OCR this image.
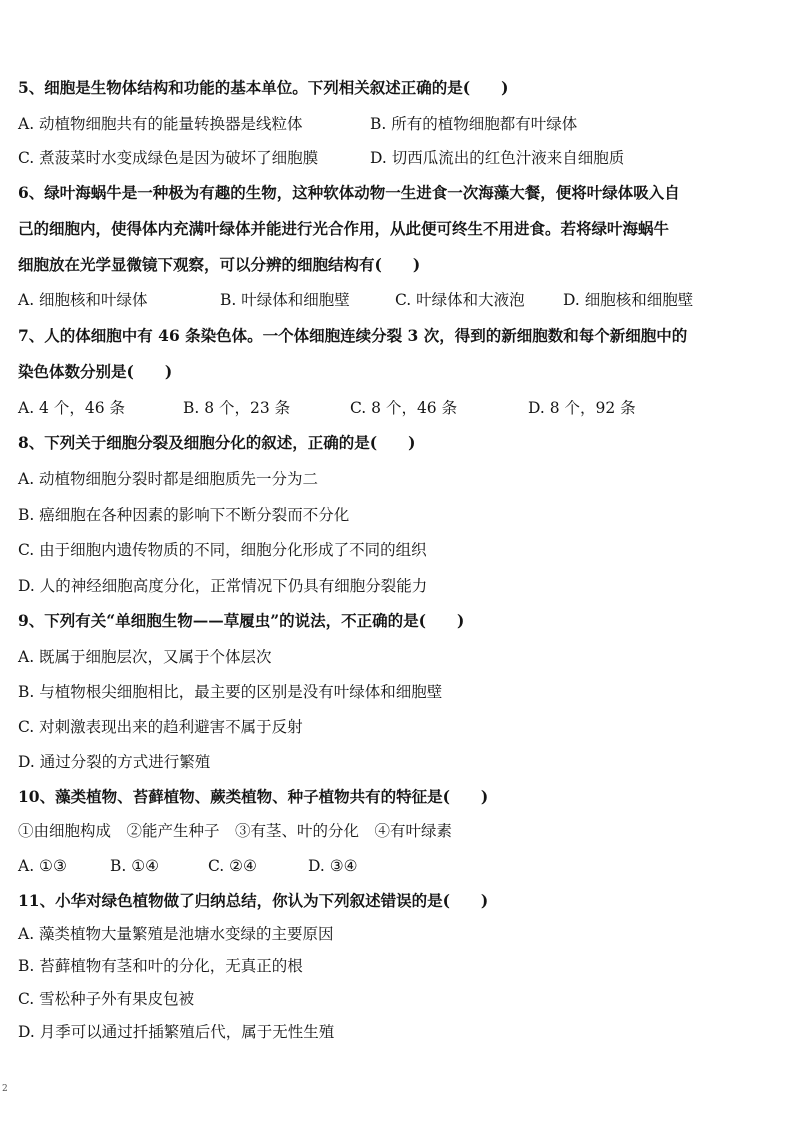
5、细胞是生物体结构和功能的基本单位。下列相关叙述正确的是(　　)
A. 动植物细胞共有的能量转换器是线粒体	B. 所有的植物细胞都有叶绿体
C. 煮菠菜时水变成绿色是因为破坏了细胞膜	D. 切西瓜流出的红色汁液来自细胞质
6、绿叶海蜗牛是一种极为有趣的生物，这种软体动物一生进食一次海藻大餐，便将叶绿体吸入自
己的细胞内，使得体内充满叶绿体并能进行光合作用，从此便可终生不用进食。若将绿叶海蜗牛
细胞放在光学显微镜下观察，可以分辨的细胞结构有(　　)
A. 细胞核和叶绿体	B. 叶绿体和细胞壁	C. 叶绿体和大液泡 D. 细胞核和细胞壁
7、人的体细胞中有 46 条染色体。一个体细胞连续分裂 3 次，得到的新细胞数和每个新细胞中的
染色体数分别是(　　)
A. 4 个，46 条	B. 8 个，23 条	C. 8 个，46 条	D. 8 个，92 条
8、下列关于细胞分裂及细胞分化的叙述，正确的是(　　)
A. 动植物细胞分裂时都是细胞质先一分为二
B. 癌细胞在各种因素的影响下不断分裂而不分化
C. 由于细胞内遗传物质的不同，细胞分化形成了不同的组织
D. 人的神经细胞高度分化，正常情况下仍具有细胞分裂能力
9、下列有关“单细胞生物——草履虫”的说法，不正确的是(　　)
A. 既属于细胞层次，又属于个体层次
B. 与植物根尖细胞相比，最主要的区别是没有叶绿体和细胞壁
C. 对刺激表现出来的趋利避害不属于反射
D. 通过分裂的方式进行繁殖
10、藻类植物、苔藓植物、蕨类植物、种子植物共有的特征是(　　)
①由细胞构成　②能产生种子　③有茎、叶的分化　④有叶绿素
A. ①③	B. ①④	C. ②④	D. ③④
11、小华对绿色植物做了归纳总结，你认为下列叙述错误的是(　　)
A. 藻类植物大量繁殖是池塘水变绿的主要原因
B. 苔藓植物有茎和叶的分化，无真正的根
C. 雪松种子外有果皮包被
D. 月季可以通过扦插繁殖后代，属于无性生殖
2
